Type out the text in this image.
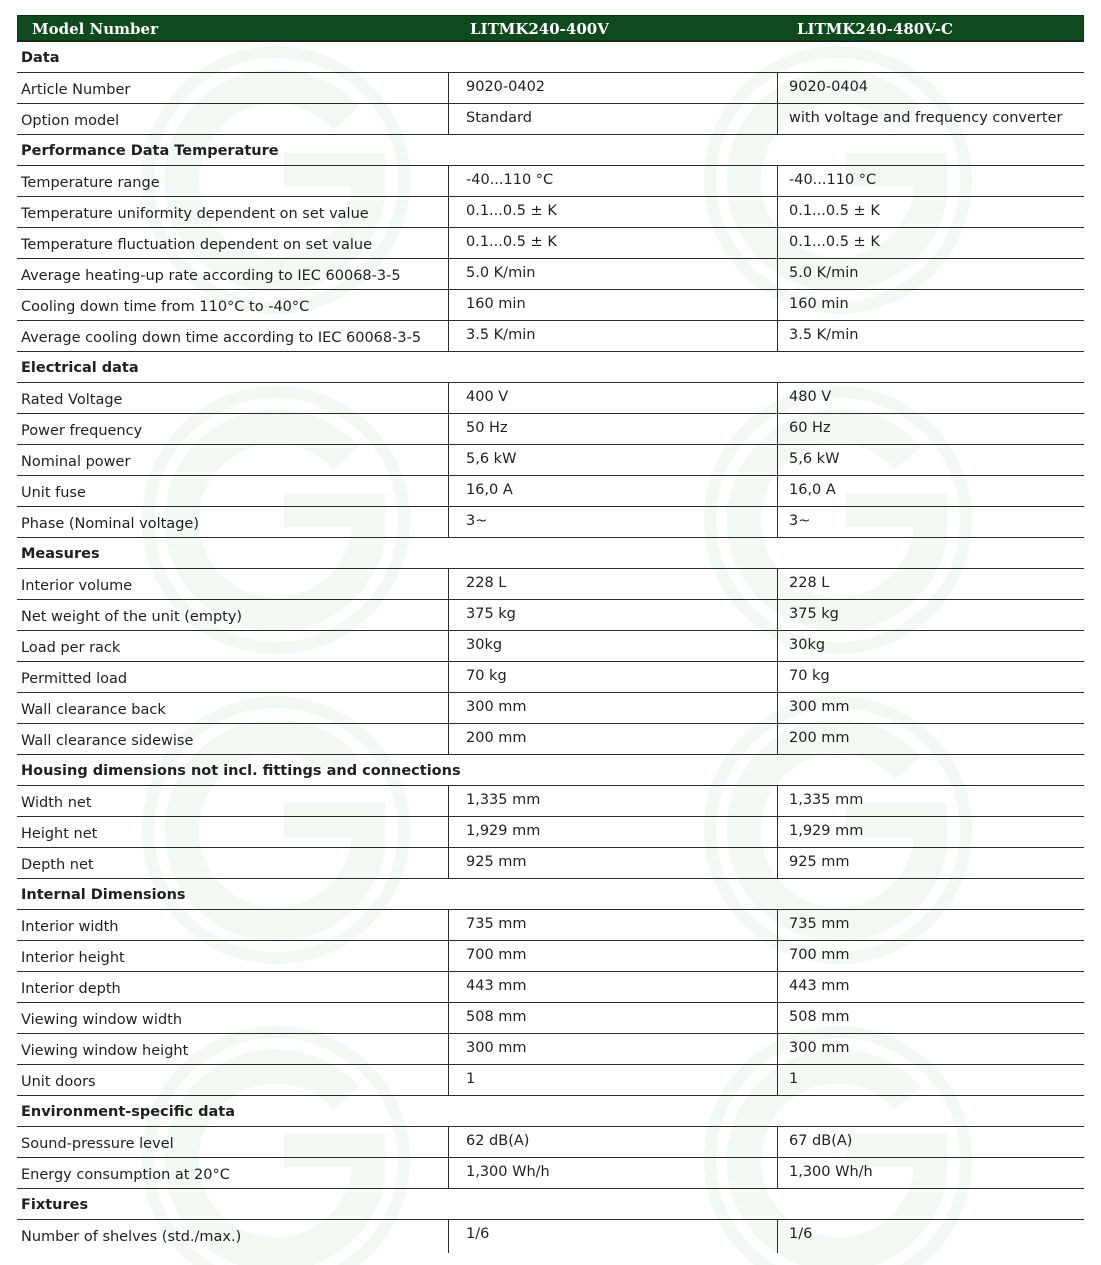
Model Number	LITMK240-400V	LITMK240-480V-C
Data
Article Number	9020-0402	9020-0404
Option model	Standard	with voltage and frequency converter
Performance Data Temperature
Temperature range	-40...110 °C	-40...110 °C
Temperature uniformity dependent on set value	0.1...0.5 ± K	0.1...0.5 ± K
Temperature fluctuation dependent on set value	0.1...0.5 ± K	0.1...0.5 ± K
Average heating-up rate according to IEC 60068-3-5	5.0 K/min	5.0 K/min
Cooling down time from 110°C to -40°C	160 min	160 min
Average cooling down time according to IEC 60068-3-5	3.5 K/min	3.5 K/min
Electrical data
Rated Voltage	400 V	480 V
Power frequency	50 Hz	60 Hz
Nominal power	5,6 kW	5,6 kW
Unit fuse	16,0 A	16,0 A
Phase (Nominal voltage)	3~	3~
Measures
Interior volume	228 L	228 L
Net weight of the unit (empty)	375 kg	375 kg
Load per rack	30kg	30kg
Permitted load	70 kg	70 kg
Wall clearance back	300 mm	300 mm
Wall clearance sidewise	200 mm	200 mm
Housing dimensions not incl. fittings and connections
Width net	1,335 mm	1,335 mm
Height net	1,929 mm	1,929 mm
Depth net	925 mm	925 mm
Internal Dimensions
Interior width	735 mm	735 mm
Interior height	700 mm	700 mm
Interior depth	443 mm	443 mm
Viewing window width	508 mm	508 mm
Viewing window height	300 mm	300 mm
Unit doors	1	1
Environment-specific data
Sound-pressure level	62 dB(A)	67 dB(A)
Energy consumption at 20°C	1,300 Wh/h	1,300 Wh/h
Fixtures
Number of shelves (std./max.)	1/6	1/6
